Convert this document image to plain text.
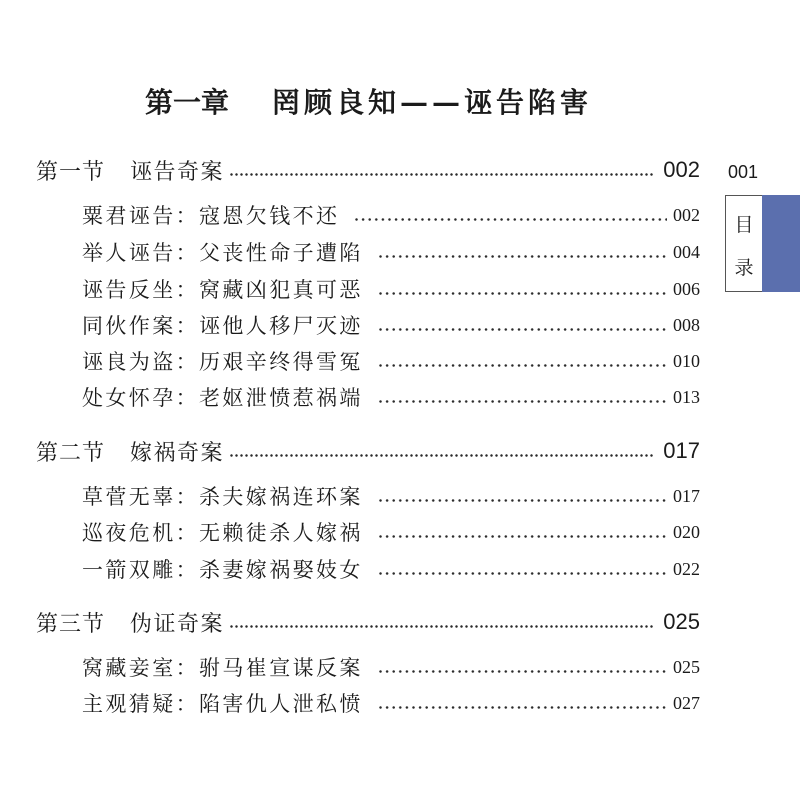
第一章 罔顾良知——诬告陷害
第一节	诬告奇案	002
粟君诬告：寇恩欠钱不还	002
举人诬告：父丧性命子遭陷	004
诬告反坐：窝藏凶犯真可恶	006
同伙作案：诬他人移尸灭迹	008
诬良为盗：历艰辛终得雪冤	010
处女怀孕：老妪泄愤惹祸端	013
第二节	嫁祸奇案	017
草菅无辜：杀夫嫁祸连环案	017
巡夜危机：无赖徒杀人嫁祸	020
一箭双雕：杀妻嫁祸娶妓女	022
第三节	伪证奇案	025
窝藏妾室：驸马崔宣谋反案	025
主观猜疑：陷害仇人泄私愤	027
001
目
录
